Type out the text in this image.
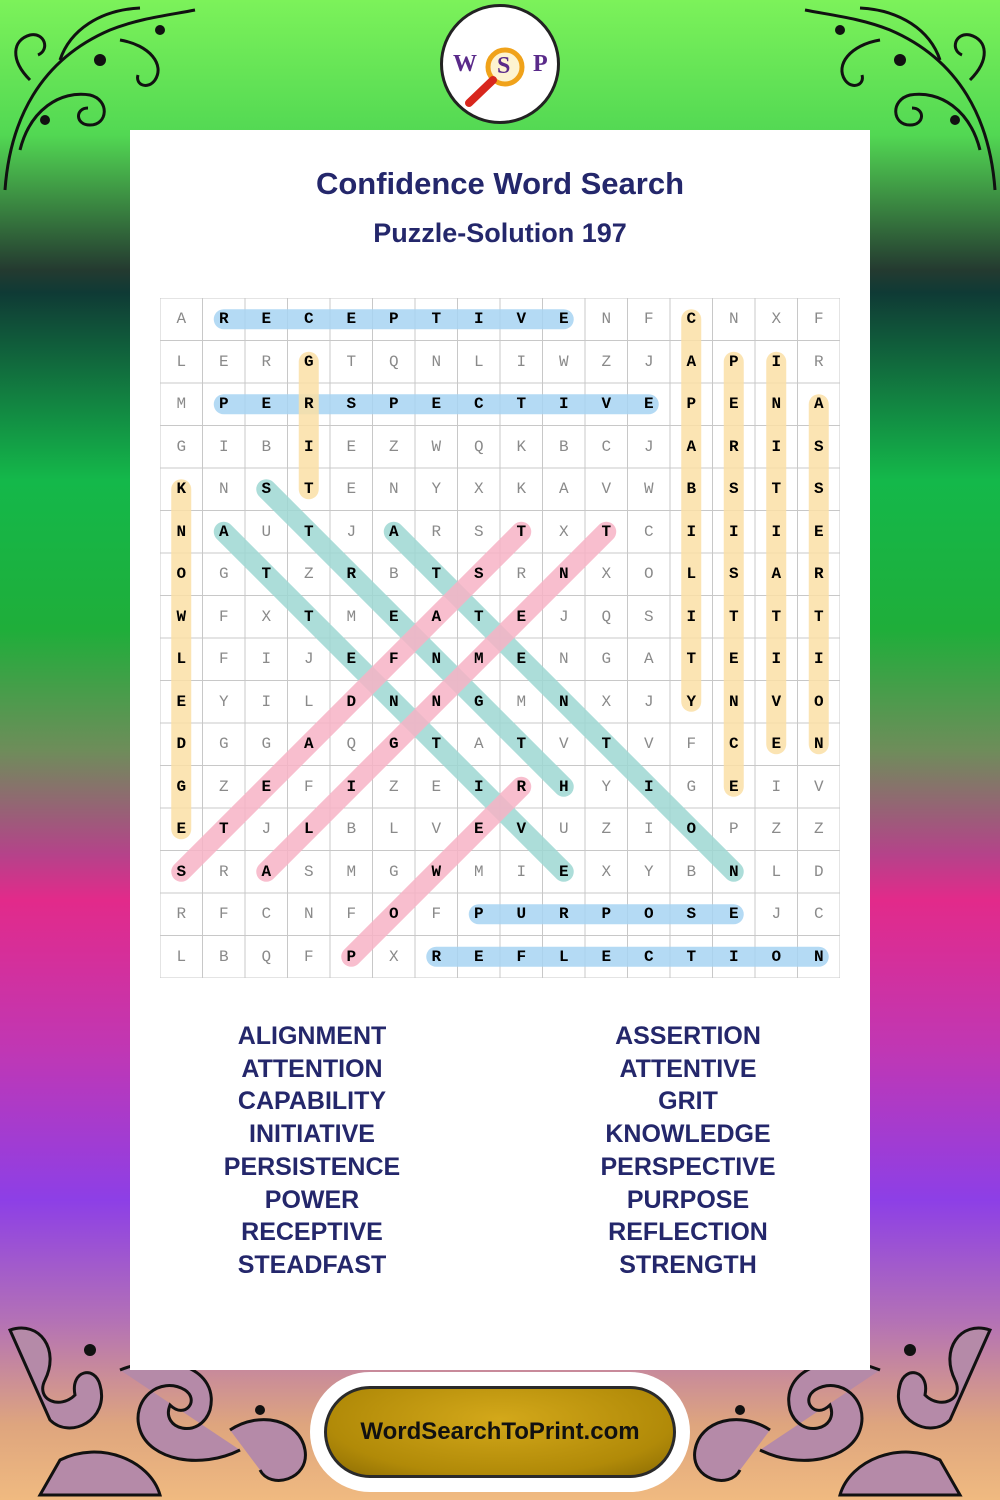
W S P
Confidence Word Search
Puzzle-Solution 197
A	R	E	C	E	P	T	I	V	E	N	F	C	N	X	F
L	E	R	G	T	Q	N	L	I	W	Z	J	A	P	I	R
M	P	E	R	S	P	E	C	T	I	V	E	P	E	N	A
G	I	B	I	E	Z	W	Q	K	B	C	J	A	R	I	S
K	N	S	T	E	N	Y	X	K	A	V	W	B	S	T	S
N	A	U	T	J	A	R	S	T	X	T	C	I	I	I	E
O	G	T	Z	R	B	T	S	R	N	X	O	L	S	A	R
W	F	X	T	M	E	A	T	E	J	Q	S	I	T	T	T
L	F	I	J	E	F	N	M	E	N	G	A	T	E	I	I
E	Y	I	L	D	N	N	G	M	N	X	J	Y	N	V	O
D	G	G	A	Q	G	T	A	T	V	T	V	F	C	E	N
G	Z	E	F	I	Z	E	I	R	H	Y	I	G	E	I	V
E	T	J	L	B	L	V	E	V	U	Z	I	O	P	Z	Z
S	R	A	S	M	G	W	M	I	E	X	Y	B	N	L	D
R	F	C	N	F	O	F	P	U	R	P	O	S	E	J	C
L	B	Q	F	P	X	R	E	F	L	E	C	T	I	O	N
ALIGNMENT
ATTENTION
CAPABILITY
INITIATIVE
PERSISTENCE
POWER
RECEPTIVE
STEADFAST
ASSERTION
ATTENTIVE
GRIT
KNOWLEDGE
PERSPECTIVE
PURPOSE
REFLECTION
STRENGTH
WordSearchToPrint.com
